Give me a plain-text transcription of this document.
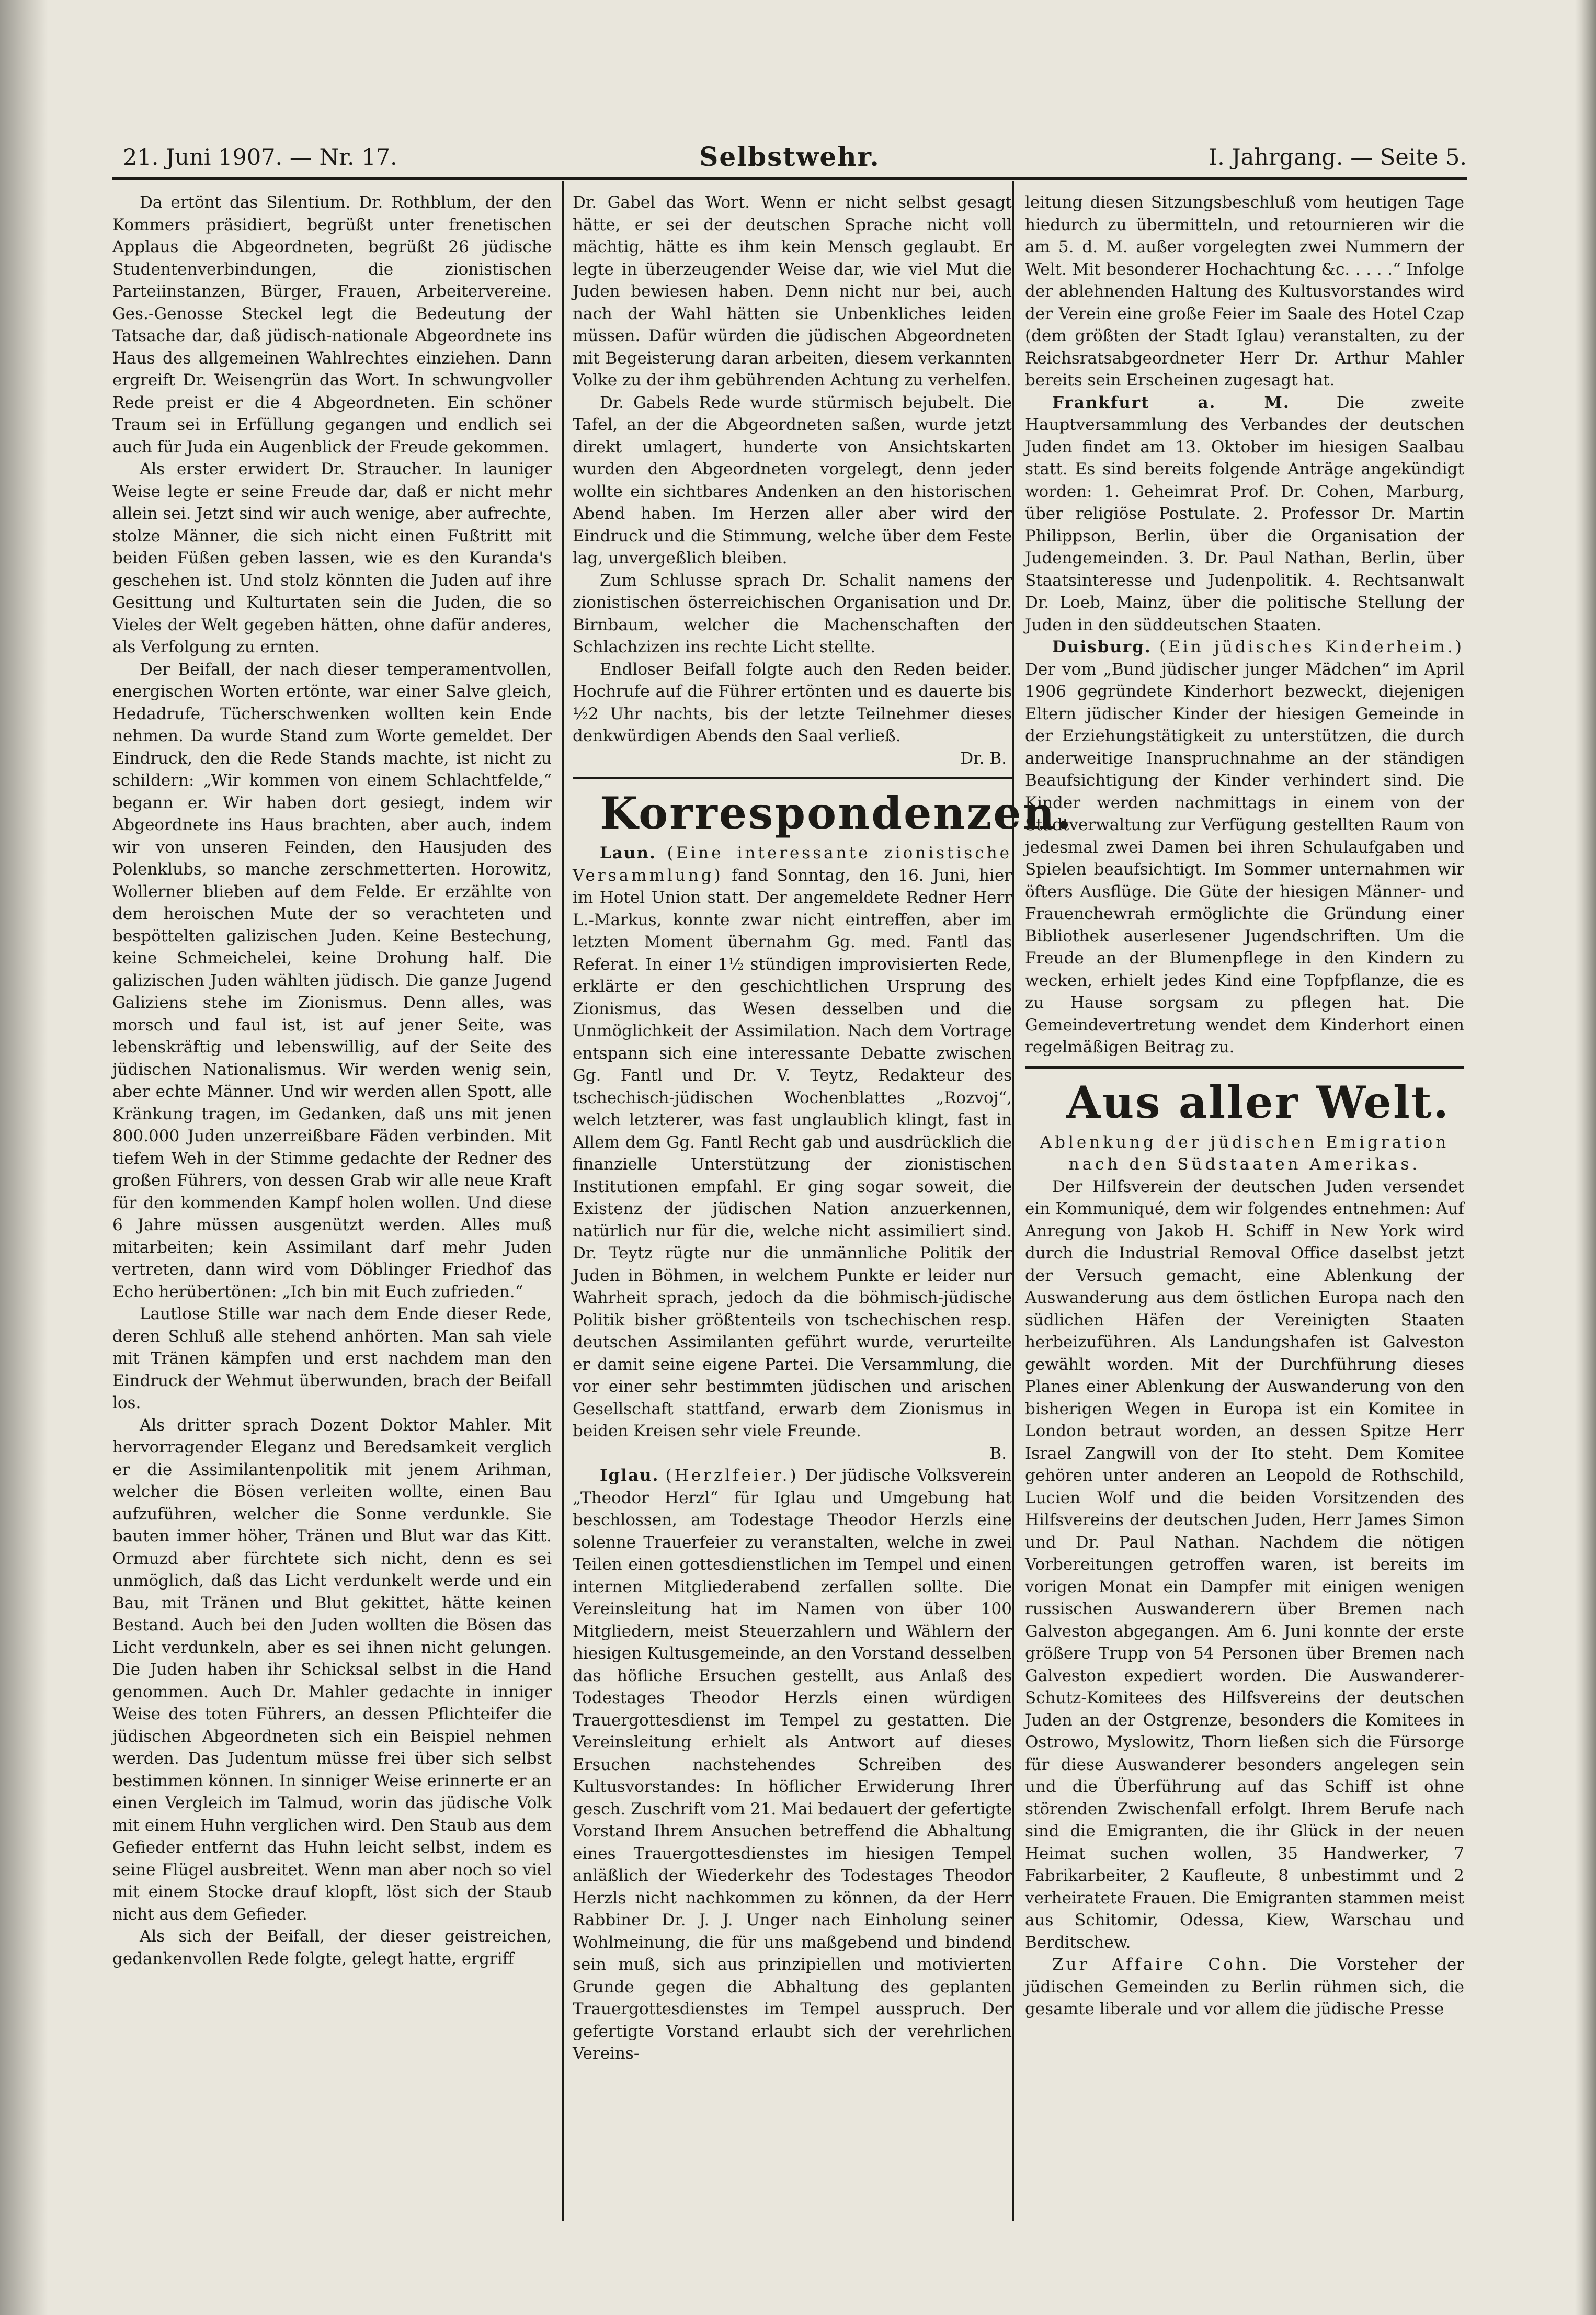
21. Juni 1907. — Nr. 17.	Selbstwehr.	I. Jahrgang. — Seite 5.

Da ertönt das Silentium. Dr. Rothblum, der den Kommers präsidiert, begrüßt unter frenetischen Applaus die Abgeordneten, begrüßt 26 jüdische Studentenverbindungen, die zionistischen Parteiinstanzen, Bürger, Frauen, Arbeitervereine. Ges.-Genosse Steckel legt die Bedeutung der Tatsache dar, daß jüdisch-nationale Abgeordnete ins Haus des allgemeinen Wahlrechtes einziehen. Dann ergreift Dr. Weisengrün das Wort. In schwungvoller Rede preist er die 4 Abgeordneten. Ein schöner Traum sei in Erfüllung gegangen und endlich sei auch für Juda ein Augenblick der Freude gekommen.

Als erster erwidert Dr. Straucher. In launiger Weise legte er seine Freude dar, daß er nicht mehr allein sei. Jetzt sind wir auch wenige, aber aufrechte, stolze Männer, die sich nicht einen Fußtritt mit beiden Füßen geben lassen, wie es den Kuranda's geschehen ist. Und stolz könnten die Juden auf ihre Gesittung und Kulturtaten sein die Juden, die so Vieles der Welt gegeben hätten, ohne dafür anderes, als Verfolgung zu ernten.

Der Beifall, der nach dieser temperamentvollen, energischen Worten ertönte, war einer Salve gleich, Hedadrufe, Tücherschwenken wollten kein Ende nehmen. Da wurde Stand zum Worte gemeldet. Der Eindruck, den die Rede Stands machte, ist nicht zu schildern: „Wir kommen von einem Schlachtfelde,“ begann er. Wir haben dort gesiegt, indem wir Abgeordnete ins Haus brachten, aber auch, indem wir von unseren Feinden, den Hausjuden des Polenklubs, so manche zerschmetterten. Horowitz, Wollerner blieben auf dem Felde. Er erzählte von dem heroischen Mute der so verachteten und bespöttelten galizischen Juden. Keine Bestechung, keine Schmeichelei, keine Drohung half. Die galizischen Juden wählten jüdisch. Die ganze Jugend Galiziens stehe im Zionismus. Denn alles, was morsch und faul ist, ist auf jener Seite, was lebenskräftig und lebenswillig, auf der Seite des jüdischen Nationalismus. Wir werden wenig sein, aber echte Männer. Und wir werden allen Spott, alle Kränkung tragen, im Gedanken, daß uns mit jenen 800.000 Juden unzerreißbare Fäden verbinden. Mit tiefem Weh in der Stimme gedachte der Redner des großen Führers, von dessen Grab wir alle neue Kraft für den kommenden Kampf holen wollen. Und diese 6 Jahre müssen ausgenützt werden. Alles muß mitarbeiten; kein Assimilant darf mehr Juden vertreten, dann wird vom Döblinger Friedhof das Echo herübertönen: „Ich bin mit Euch zufrieden.“

Lautlose Stille war nach dem Ende dieser Rede, deren Schluß alle stehend anhörten. Man sah viele mit Tränen kämpfen und erst nachdem man den Eindruck der Wehmut überwunden, brach der Beifall los.

Als dritter sprach Dozent Doktor Mahler. Mit hervorragender Eleganz und Beredsamkeit verglich er die Assimilantenpolitik mit jenem Arihman, welcher die Bösen verleiten wollte, einen Bau aufzuführen, welcher die Sonne verdunkle. Sie bauten immer höher, Tränen und Blut war das Kitt. Ormuzd aber fürchtete sich nicht, denn es sei unmöglich, daß das Licht verdunkelt werde und ein Bau, mit Tränen und Blut gekittet, hätte keinen Bestand. Auch bei den Juden wollten die Bösen das Licht verdunkeln, aber es sei ihnen nicht gelungen. Die Juden haben ihr Schicksal selbst in die Hand genommen. Auch Dr. Mahler gedachte in inniger Weise des toten Führers, an dessen Pflichteifer die jüdischen Abgeordneten sich ein Beispiel nehmen werden. Das Judentum müsse frei über sich selbst bestimmen können. In sinniger Weise erinnerte er an einen Vergleich im Talmud, worin das jüdische Volk mit einem Huhn verglichen wird. Den Staub aus dem Gefieder entfernt das Huhn leicht selbst, indem es seine Flügel ausbreitet. Wenn man aber noch so viel mit einem Stocke drauf klopft, löst sich der Staub nicht aus dem Gefieder.

Als sich der Beifall, der dieser geistreichen, gedankenvollen Rede folgte, gelegt hatte, ergriff

Dr. Gabel das Wort. Wenn er nicht selbst gesagt hätte, er sei der deutschen Sprache nicht voll mächtig, hätte es ihm kein Mensch geglaubt. Er legte in überzeugender Weise dar, wie viel Mut die Juden bewiesen haben. Denn nicht nur bei, auch nach der Wahl hätten sie Unbenkliches leiden müssen. Dafür würden die jüdischen Abgeordneten mit Begeisterung daran arbeiten, diesem verkannten Volke zu der ihm gebührenden Achtung zu verhelfen.

Dr. Gabels Rede wurde stürmisch bejubelt. Die Tafel, an der die Abgeordneten saßen, wurde jetzt direkt umlagert, hunderte von Ansichtskarten wurden den Abgeordneten vorgelegt, denn jeder wollte ein sichtbares Andenken an den historischen Abend haben. Im Herzen aller aber wird der Eindruck und die Stimmung, welche über dem Feste lag, unvergeßlich bleiben.

Zum Schlusse sprach Dr. Schalit namens der zionistischen österreichischen Organisation und Dr. Birnbaum, welcher die Machenschaften der Schlachzizen ins rechte Licht stellte.

Endloser Beifall folgte auch den Reden beider. Hochrufe auf die Führer ertönten und es dauerte bis ½2 Uhr nachts, bis der letzte Teilnehmer dieses denkwürdigen Abends den Saal verließ.

Dr. B.

Korrespondenzen.

Laun. (Eine interessante zionistische Versammlung) fand Sonntag, den 16. Juni, hier im Hotel Union statt. Der angemeldete Redner Herr L.-Markus, konnte zwar nicht eintreffen, aber im letzten Moment übernahm Gg. med. Fantl das Referat. In einer 1½ stündigen improvisierten Rede, erklärte er den geschichtlichen Ursprung des Zionismus, das Wesen desselben und die Unmöglichkeit der Assimilation. Nach dem Vortrage entspann sich eine interessante Debatte zwischen Gg. Fantl und Dr. V. Teytz, Redakteur des tschechisch-jüdischen Wochenblattes „Rozvoj“, welch letzterer, was fast unglaublich klingt, fast in Allem dem Gg. Fantl Recht gab und ausdrücklich die finanzielle Unterstützung der zionistischen Institutionen empfahl. Er ging sogar soweit, die Existenz der jüdischen Nation anzuerkennen, natürlich nur für die, welche nicht assimiliert sind. Dr. Teytz rügte nur die unmännliche Politik der Juden in Böhmen, in welchem Punkte er leider nur Wahrheit sprach, jedoch da die böhmisch-jüdische Politik bisher größtenteils von tschechischen resp. deutschen Assimilanten geführt wurde, verurteilte er damit seine eigene Partei. Die Versammlung, die vor einer sehr bestimmten jüdischen und arischen Gesellschaft stattfand, erwarb dem Zionismus in beiden Kreisen sehr viele Freunde.

B.

Iglau. (Herzlfeier.) Der jüdische Volksverein „Theodor Herzl“ für Iglau und Umgebung hat beschlossen, am Todestage Theodor Herzls eine solenne Trauerfeier zu veranstalten, welche in zwei Teilen einen gottesdienstlichen im Tempel und einen internen Mitgliederabend zerfallen sollte. Die Vereinsleitung hat im Namen von über 100 Mitgliedern, meist Steuerzahlern und Wählern der hiesigen Kultusgemeinde, an den Vorstand desselben das höfliche Ersuchen gestellt, aus Anlaß des Todestages Theodor Herzls einen würdigen Trauergottesdienst im Tempel zu gestatten. Die Vereinsleitung erhielt als Antwort auf dieses Ersuchen nachstehendes Schreiben des Kultusvorstandes: In höflicher Erwiderung Ihrer gesch. Zuschrift vom 21. Mai bedauert der gefertigte Vorstand Ihrem Ansuchen betreffend die Abhaltung eines Trauergottesdienstes im hiesigen Tempel anläßlich der Wiederkehr des Todestages Theodor Herzls nicht nachkommen zu können, da der Herr Rabbiner Dr. J. J. Unger nach Einholung seiner Wohlmeinung, die für uns maßgebend und bindend sein muß, sich aus prinzipiellen und motivierten Grunde gegen die Abhaltung des geplanten Trauergottesdienstes im Tempel ausspruch. Der gefertigte Vorstand erlaubt sich der verehrlichen Vereins-

leitung diesen Sitzungsbeschluß vom heutigen Tage hiedurch zu übermitteln, und retournieren wir die am 5. d. M. außer vorgelegten zwei Nummern der Welt. Mit besonderer Hochachtung &c. . . . .“ Infolge der ablehnenden Haltung des Kultusvorstandes wird der Verein eine große Feier im Saale des Hotel Czap (dem größten der Stadt Iglau) veranstalten, zu der Reichsratsabgeordneter Herr Dr. Arthur Mahler bereits sein Erscheinen zugesagt hat.

Frankfurt a. M.	Die zweite Hauptversammlung des Verbandes der deutschen Juden findet am 13. Oktober im hiesigen Saalbau statt. Es sind bereits folgende Anträge angekündigt worden: 1. Geheimrat Prof. Dr. Cohen, Marburg, über religiöse Postulate. 2. Professor Dr. Martin Philippson, Berlin, über die Organisation der Judengemeinden. 3. Dr. Paul Nathan, Berlin, über Staatsinteresse und Judenpolitik. 4. Rechtsanwalt Dr. Loeb, Mainz, über die politische Stellung der Juden in den süddeutschen Staaten.

Duisburg. (Ein jüdisches Kinderheim.) Der vom „Bund jüdischer junger Mädchen“ im April 1906 gegründete Kinderhort bezweckt, diejenigen Eltern jüdischer Kinder der hiesigen Gemeinde in der Erziehungstätigkeit zu unterstützen, die durch anderweitige Inanspruchnahme an der ständigen Beaufsichtigung der Kinder verhindert sind. Die Kinder werden nachmittags in einem von der Stadtverwaltung zur Verfügung gestellten Raum von jedesmal zwei Damen bei ihren Schulaufgaben und Spielen beaufsichtigt. Im Sommer unternahmen wir öfters Ausflüge. Die Güte der hiesigen Männer- und Frauenchewrah ermöglichte die Gründung einer Bibliothek auserlesener Jugendschriften. Um die Freude an der Blumenpflege in den Kindern zu wecken, erhielt jedes Kind eine Topfpflanze, die es zu Hause sorgsam zu pflegen hat. Die Gemeindevertretung wendet dem Kinderhort einen regelmäßigen Beitrag zu.

Aus aller Welt.

Ablenkung der jüdischen Emigration nach den Südstaaten Amerikas.

Der Hilfsverein der deutschen Juden versendet ein Kommuniqué, dem wir folgendes entnehmen: Auf Anregung von Jakob H. Schiff in New York wird durch die Industrial Removal Office daselbst jetzt der Versuch gemacht, eine Ablenkung der Auswanderung aus dem östlichen Europa nach den südlichen Häfen der Vereinigten Staaten herbeizuführen. Als Landungshafen ist Galveston gewählt worden. Mit der Durchführung dieses Planes einer Ablenkung der Auswanderung von den bisherigen Wegen in Europa ist ein Komitee in London betraut worden, an dessen Spitze Herr Israel Zangwill von der Ito steht. Dem Komitee gehören unter anderen an Leopold de Rothschild, Lucien Wolf und die beiden Vorsitzenden des Hilfsvereins der deutschen Juden, Herr James Simon und Dr. Paul Nathan. Nachdem die nötigen Vorbereitungen getroffen waren, ist bereits im vorigen Monat ein Dampfer mit einigen wenigen russischen Auswanderern über Bremen nach Galveston abgegangen. Am 6. Juni konnte der erste größere Trupp von 54 Personen über Bremen nach Galveston expediert worden. Die Auswanderer-Schutz-Komitees des Hilfsvereins der deutschen Juden an der Ostgrenze, besonders die Komitees in Ostrowo, Myslowitz, Thorn ließen sich die Fürsorge für diese Auswanderer besonders angelegen sein und die Überführung auf das Schiff ist ohne störenden Zwischenfall erfolgt. Ihrem Berufe nach sind die Emigranten, die ihr Glück in der neuen Heimat suchen wollen, 35 Handwerker, 7 Fabrikarbeiter, 2 Kaufleute, 8 unbestimmt und 2 verheiratete Frauen. Die Emigranten stammen meist aus Schitomir, Odessa, Kiew, Warschau und Berditschew.

Zur Affaire Cohn. Die Vorsteher der jüdischen Gemeinden zu Berlin rühmen sich, die gesamte liberale und vor allem die jüdische Presse
